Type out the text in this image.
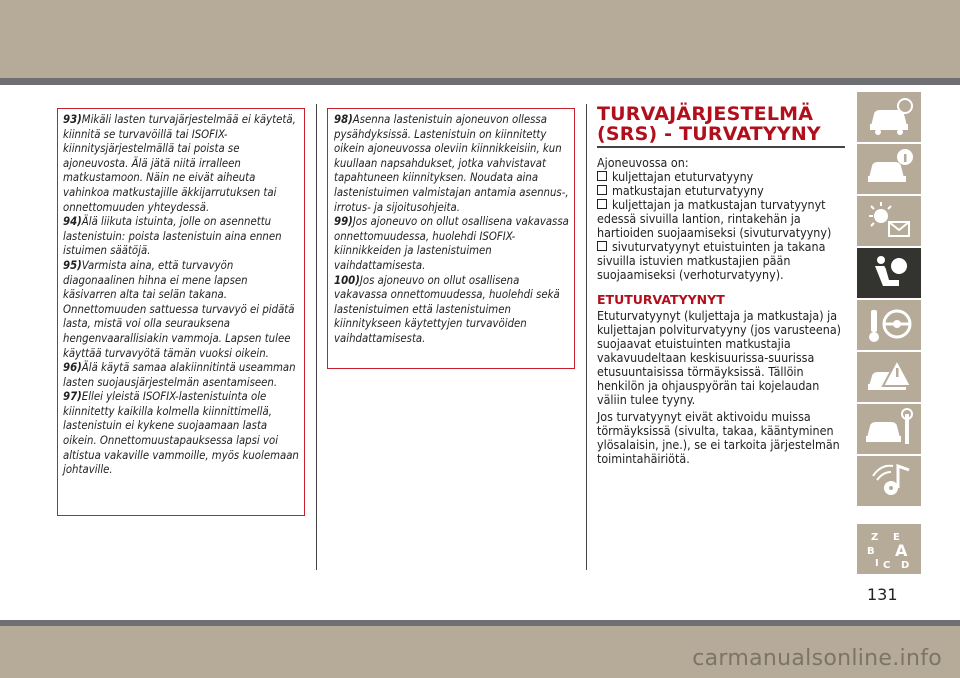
93)Mikäli lasten turvajärjestelmää ei käytetä, kiinnitä se turvavöillä tai ISOFIX-kiinnitysjärjestelmällä tai poista se ajoneuvosta. Älä jätä niitä irralleen matkustamoon. Näin ne eivät aiheuta vahinkoa matkustajille äkkijarrutuksen tai onnettomuuden yhteydessä.

94)Älä liikuta istuinta, jolle on asennettu lastenistuin: poista lastenistuin aina ennen istuimen säätöjä.

95)Varmista aina, että turvavyön diagonaalinen hihna ei mene lapsen käsivarren alta tai selän takana. Onnettomuuden sattuessa turvavyö ei pidätä lasta, mistä voi olla seurauksena hengenvaarallisiakin vammoja. Lapsen tulee käyttää turvavyötä tämän vuoksi oikein.

96)Älä käytä samaa alakiinnitintä useamman lasten suojausjärjestelmän asentamiseen.

97)Ellei yleistä ISOFIX-lastenistuinta ole kiinnitetty kaikilla kolmella kiinnittimellä, lastenistuin ei kykene suojaamaan lasta oikein. Onnettomuustapauksessa lapsi voi altistua vakaville vammoille, myös kuolemaan johtaville.

98)Asenna lastenistuin ajoneuvon ollessa pysähdyksissä. Lastenistuin on kiinnitetty oikein ajoneuvossa oleviin kiinnikkeisiin, kun kuullaan napsahdukset, jotka vahvistavat tapahtuneen kiinnityksen. Noudata aina lastenistuimen valmistajan antamia asennus-, irrotus- ja sijoitusohjeita.

99)Jos ajoneuvo on ollut osallisena vakavassa onnettomuudessa, huolehdi ISOFIX-kiinnikkeiden ja lastenistuimen vaihdattamisesta.

100)Jos ajoneuvo on ollut osallisena vakavassa onnettomuudessa, huolehdi sekä lastenistuimen että lastenistuimen kiinnitykseen käytettyjen turvavöiden vaihdattamisesta.

TURVAJÄRJESTELMÄ (SRS) - TURVATYYNY

Ajoneuvossa on:

kuljettajan etuturvatyyny

matkustajan etuturvatyyny

kuljettajan ja matkustajan turvatyynyt edessä sivuilla lantion, rintakehän ja hartioiden suojaamiseksi (sivuturvatyyny)

sivuturvatyynyt etuistuinten ja takana sivuilla istuvien matkustajien pään suojaamiseksi (verhoturvatyyny).

ETUTURVATYYNYT

Etuturvatyynyt (kuljettaja ja matkustaja) ja kuljettajan polviturvatyyny (jos varusteena) suojaavat etuistuinten matkustajia vakavuudeltaan keskisuurissa-suurissa etusuuntaisissa törmäyksissä. Tällöin henkilön ja ohjauspyörän tai kojelaudan väliin tulee tyyny.

Jos turvatyynyt eivät aktivoidu muissa törmäyksissä (sivulta, takaa, kääntyminen ylösalaisin, jne.), se ei tarkoita järjestelmän toimintahäiriötä.

Z E
B A
I C D
131
carmanualsonline.info
